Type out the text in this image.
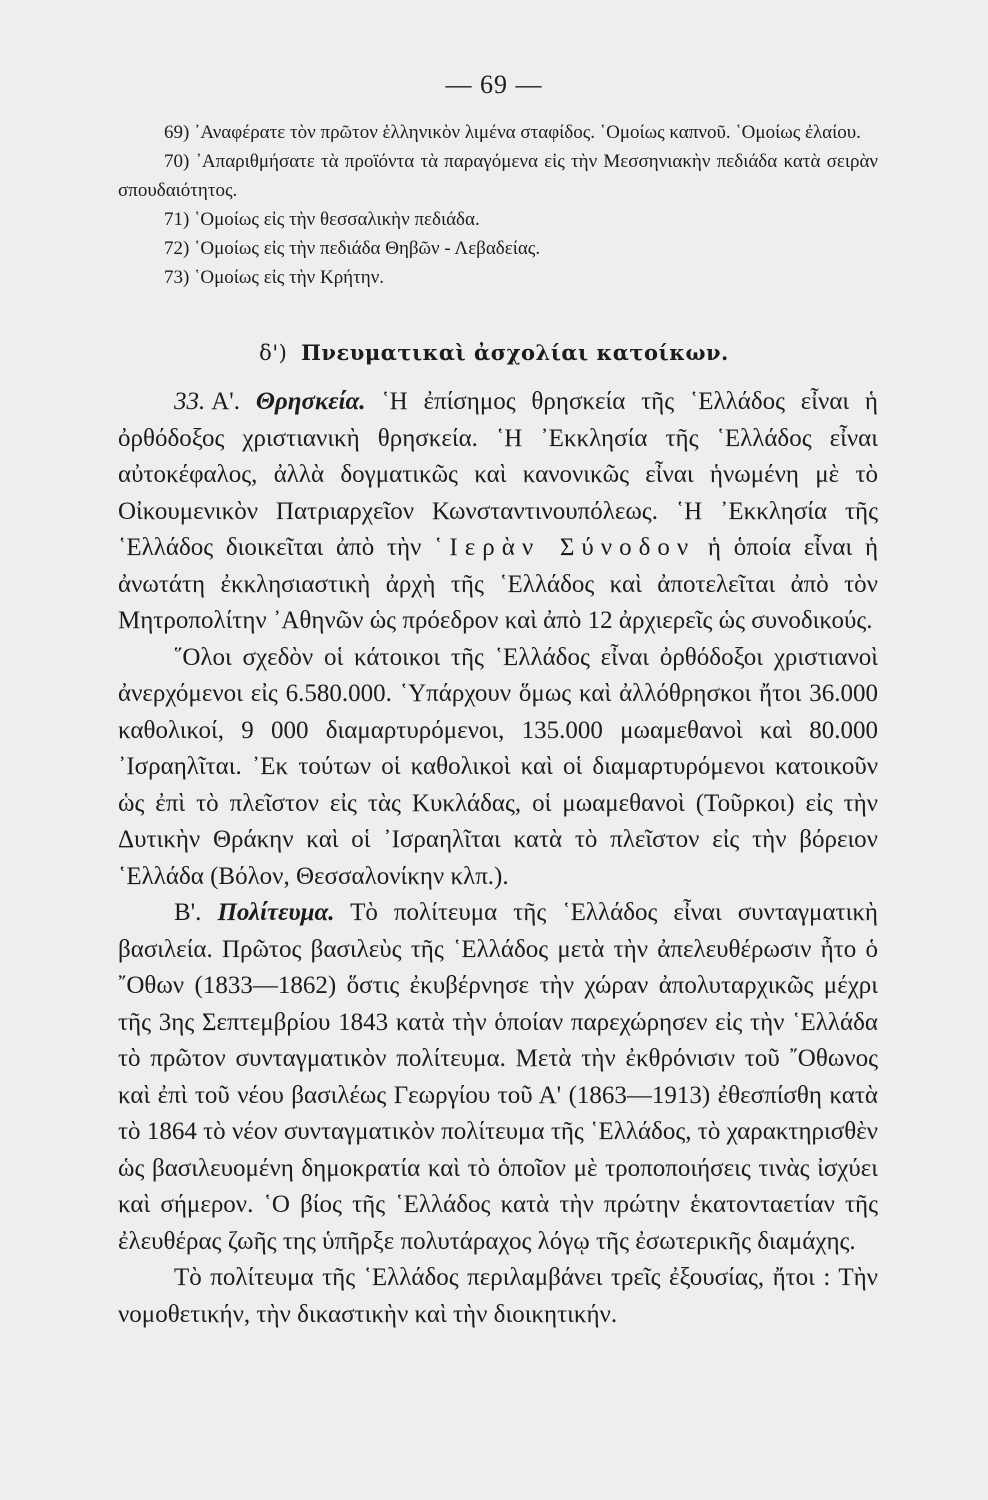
— 69 —

69) ᾿Αναφέρατε τὸν πρῶτον ἑλληνικὸν λιμένα σταφίδος. ῾Ομοίως καπνοῦ. ῾Ομοίως ἐλαίου.

70) ᾿Απαριθμήσατε τὰ προϊόντα τὰ παραγόμενα εἰς τὴν Μεσσηνιακὴν πεδιάδα κατὰ σειρὰν σπουδαιότητος.

71) ῾Ομοίως εἰς τὴν θεσσαλικὴν πεδιάδα.

72) ῾Ομοίως εἰς τὴν πεδιάδα Θηβῶν - Λεβαδείας.

73) ῾Ομοίως εἰς τὴν Κρήτην.

δ') Πνευματικαὶ ἀσχολίαι κατοίκων.

33. Α'. Θρησκεία. ῾Η ἐπίσημος θρησκεία τῆς ῾Ελλάδος εἶναι ἡ ὀρθόδοξος χριστιανικὴ θρησκεία. ῾Η ᾿Εκκλησία τῆς ῾Ελλάδος εἶναι αὐτοκέφαλος, ἀλλὰ δογματικῶς καὶ κανονικῶς εἶναι ἡνωμένη μὲ τὸ Οἰκουμενικὸν Πατριαρχεῖον Κωνσταντινουπόλεως. ῾Η ᾿Εκκλησία τῆς ῾Ελλάδος διοικεῖται ἀπὸ τὴν ῾Ιερὰν Σύνοδον ἡ ὁποία εἶναι ἡ ἀνωτάτη ἐκκλησιαστικὴ ἀρχὴ τῆς ῾Ελλάδος καὶ ἀποτελεῖται ἀπὸ τὸν Μητροπολίτην ᾿Αθηνῶν ὡς πρόεδρον καὶ ἀπὸ 12 ἀρχιερεῖς ὡς συνοδικούς.

῞Ολοι σχεδὸν οἱ κάτοικοι τῆς ῾Ελλάδος εἶναι ὀρθόδοξοι χριστιανοὶ ἀνερχόμενοι εἰς 6.580.000. ῾Υπάρχουν ὅμως καὶ ἀλλόθρησκοι ἤτοι 36.000 καθολικοί, 9 000 διαμαρτυρόμενοι, 135.000 μωαμεθανοὶ καὶ 80.000 ᾿Ισραηλῖται. ᾿Εκ τούτων οἱ καθολικοὶ καὶ οἱ διαμαρτυρόμενοι κατοικοῦν ὡς ἐπὶ τὸ πλεῖστον εἰς τὰς Κυκλάδας, οἱ μωαμεθανοὶ (Τοῦρκοι) εἰς τὴν Δυτικὴν Θράκην καὶ οἱ ᾿Ισραηλῖται κατὰ τὸ πλεῖστον εἰς τὴν βόρειον ῾Ελλάδα (Βόλον, Θεσσαλονίκην κλπ.).

Β'. Πολίτευμα. Τὸ πολίτευμα τῆς ῾Ελλάδος εἶναι συνταγματικὴ βασιλεία. Πρῶτος βασιλεὺς τῆς ῾Ελλάδος μετὰ τὴν ἀπελευθέρωσιν ἦτο ὁ ῎Οθων (1833—1862) ὅστις ἐκυβέρνησε τὴν χώραν ἀπολυταρχικῶς μέχρι τῆς 3ης Σεπτεμβρίου 1843 κατὰ τὴν ὁποίαν παρεχώρησεν εἰς τὴν ῾Ελλάδα τὸ πρῶτον συνταγματικὸν πολίτευμα. Μετὰ τὴν ἐκθρόνισιν τοῦ ῎Οθωνος καὶ ἐπὶ τοῦ νέου βασιλέως Γεωργίου τοῦ Α' (1863—1913) ἐθεσπίσθη κατὰ τὸ 1864 τὸ νέον συνταγματικὸν πολίτευμα τῆς ῾Ελλάδος, τὸ χαρακτηρισθὲν ὡς βασιλευομένη δημοκρατία καὶ τὸ ὁποῖον μὲ τροποποιήσεις τινὰς ἰσχύει καὶ σήμερον. ῾Ο βίος τῆς ῾Ελλάδος κατὰ τὴν πρώτην ἑκατονταετίαν τῆς ἐλευθέρας ζωῆς της ὑπῆρξε πολυτάραχος λόγῳ τῆς ἐσωτερικῆς διαμάχης.

Τὸ πολίτευμα τῆς ῾Ελλάδος περιλαμβάνει τρεῖς ἐξουσίας, ἤτοι : Τὴν νομοθετικήν, τὴν δικαστικὴν καὶ τὴν διοικητικήν.
